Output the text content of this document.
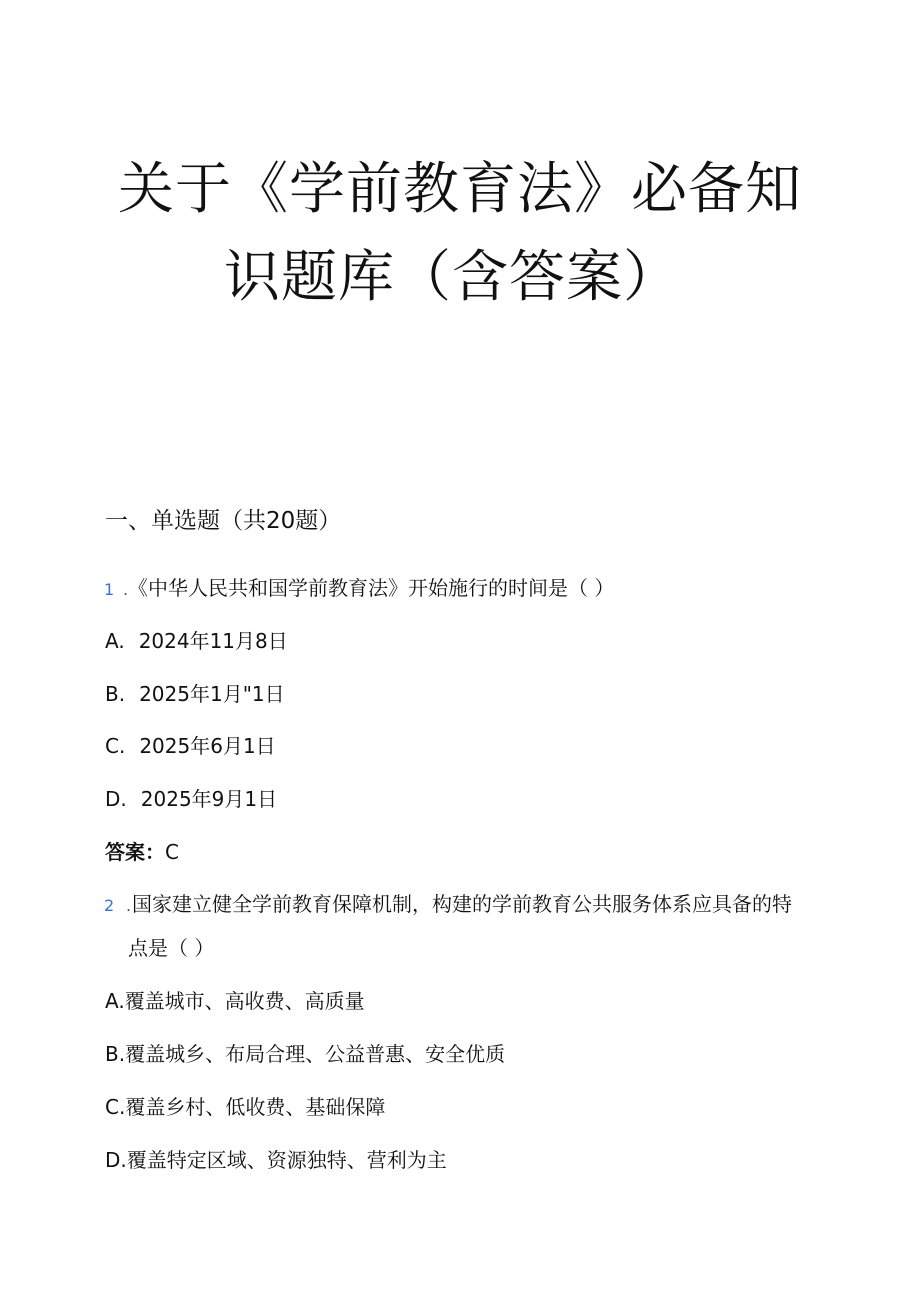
关于《学前教育法》必备知
识题库（含答案）
一、单选题（共20题）
1 . 《中华人民共和国学前教育法》开始施行的时间是（ ）
A. 2024年11月8日
B. 2025年1月"1日
C. 2025年6月1日
D. 2025年9月1日
答案：C
2 . 国家建立健全学前教育保障机制，构建的学前教育公共服务体系应具备的特
点是（ ）
A.覆盖城市、高收费、高质量
B.覆盖城乡、布局合理、公益普惠、安全优质
C.覆盖乡村、低收费、基础保障
D.覆盖特定区域、资源独特、营利为主
